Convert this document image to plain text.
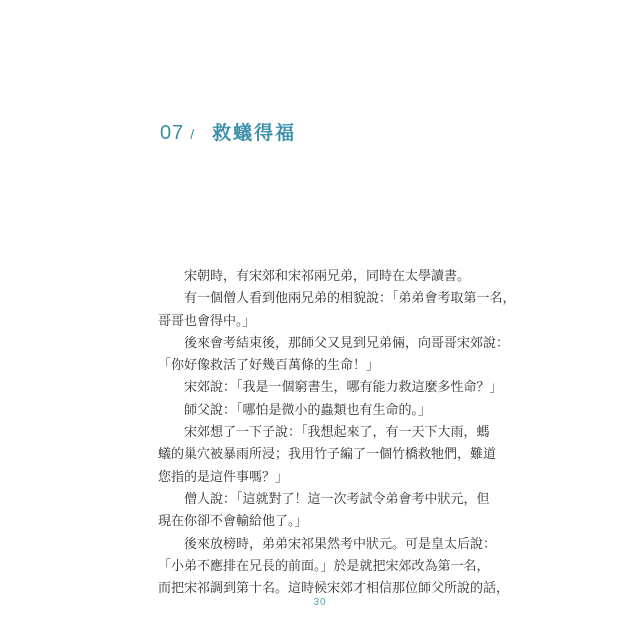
07 / 救蟻得福
　　宋朝時，有宋郊和宋祁兩兄弟，同時在太學讀書。
　　有一個僧人看到他兩兄弟的相貌說：「弟弟會考取第一名，
哥哥也會得中。」
　　後來會考結束後，那師父又見到兄弟倆，向哥哥宋郊說：
「你好像救活了好幾百萬條的生命！」
　　宋郊說：「我是一個窮書生，哪有能力救這麼多性命？」
　　師父說：「哪怕是微小的蟲類也有生命的。」
　　宋郊想了一下子說：「我想起來了，有一天下大雨，螞
蟻的巢穴被暴雨所浸；我用竹子編了一個竹橋救牠們，難道
您指的是這件事嗎？」
　　僧人說：「這就對了！這一次考試令弟會考中狀元，但
現在你卻不會輸給他了。」
　　後來放榜時，弟弟宋祁果然考中狀元。可是皇太后說：
「小弟不應排在兄長的前面。」於是就把宋郊改為第一名，
而把宋祁調到第十名。這時候宋郊才相信那位師父所說的話，
30
